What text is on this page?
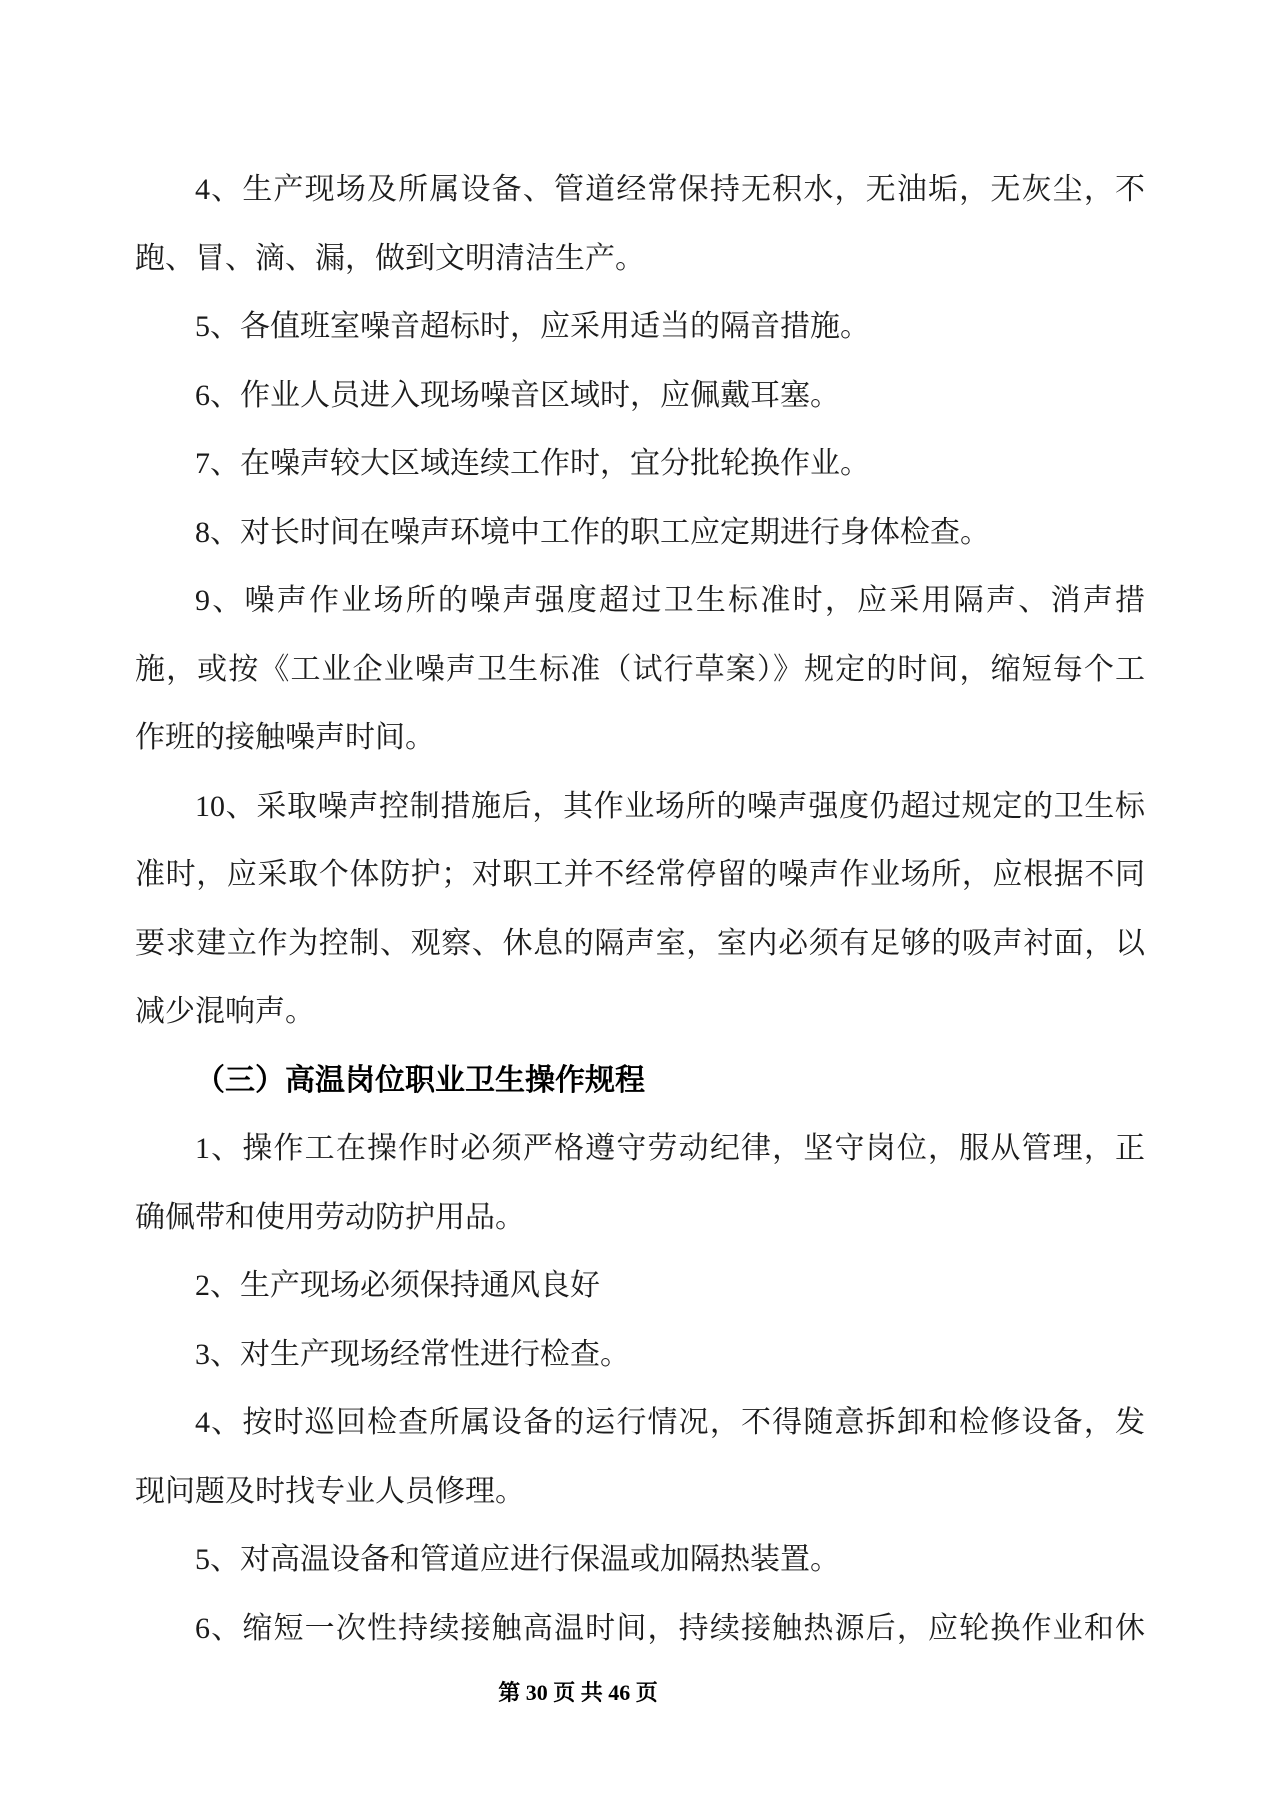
4、生产现场及所属设备、管道经常保持无积水，无油垢，无灰尘，不
跑、冒、滴、漏，做到文明清洁生产。
5、各值班室噪音超标时，应采用适当的隔音措施。
6、作业人员进入现场噪音区域时，应佩戴耳塞。
7、在噪声较大区域连续工作时，宜分批轮换作业。
8、对长时间在噪声环境中工作的职工应定期进行身体检查。
9、噪声作业场所的噪声强度超过卫生标准时，应采用隔声、消声措
施，或按《工业企业噪声卫生标准（试行草案）》规定的时间，缩短每个工
作班的接触噪声时间。
10、采取噪声控制措施后，其作业场所的噪声强度仍超过规定的卫生标
准时，应采取个体防护；对职工并不经常停留的噪声作业场所，应根据不同
要求建立作为控制、观察、休息的隔声室，室内必须有足够的吸声衬面，以
减少混响声。
（三）高温岗位职业卫生操作规程
1、操作工在操作时必须严格遵守劳动纪律，坚守岗位，服从管理，正
确佩带和使用劳动防护用品。
2、生产现场必须保持通风良好
3、对生产现场经常性进行检查。
4、按时巡回检查所属设备的运行情况，不得随意拆卸和检修设备，发
现问题及时找专业人员修理。
5、对高温设备和管道应进行保温或加隔热装置。
6、缩短一次性持续接触高温时间，持续接触热源后，应轮换作业和休
第 30 页 共 46 页
